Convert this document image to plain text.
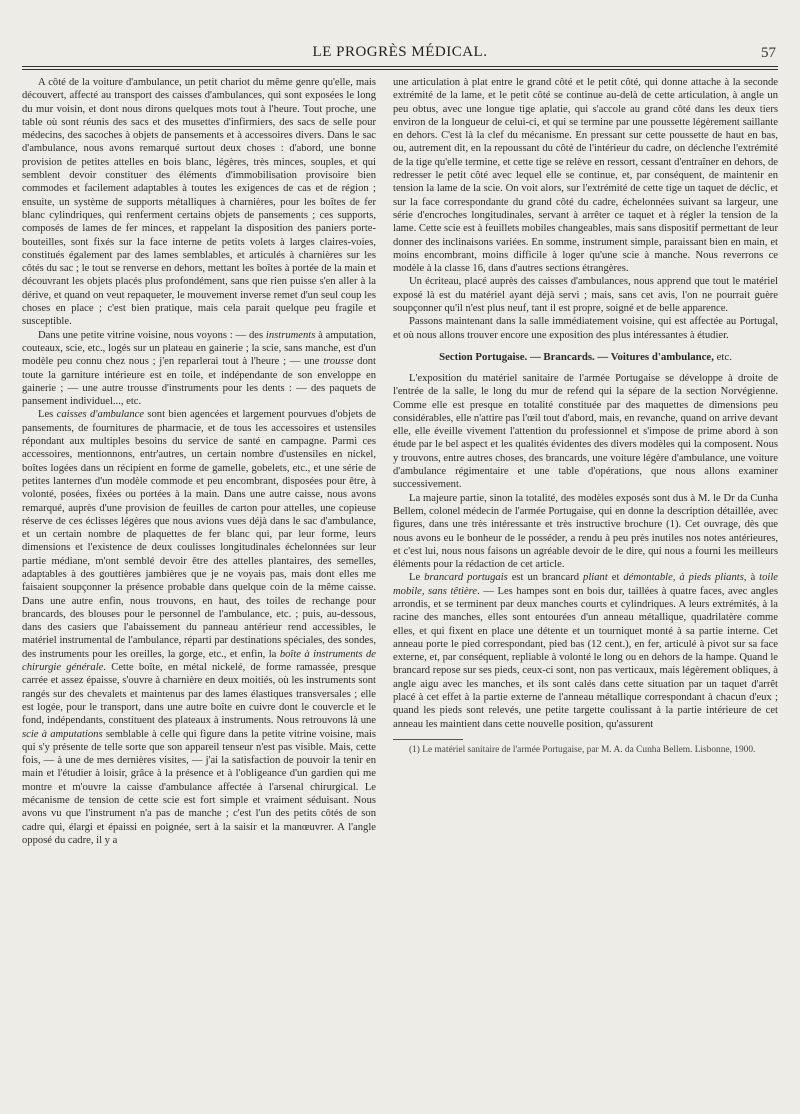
LE PROGRÈS MÉDICAL.	57

A côté de la voiture d'ambulance, un petit chariot du même genre qu'elle, mais découvert, affecté au transport des caisses d'ambulances, qui sont exposées le long du mur voisin, et dont nous dirons quelques mots tout à l'heure. Tout proche, une table où sont réunis des sacs et des musettes d'infirmiers, des sacs de selle pour médecins, des sacoches à objets de pansements et à accessoires divers. Dans le sac d'ambulance, nous avons remarqué surtout deux choses : d'abord, une bonne provision de petites attelles en bois blanc, légères, très minces, souples, et qui semblent devoir constituer des éléments d'immobilisation provisoire bien commodes et facilement adaptables à toutes les exigences de cas et de région ; ensuite, un système de supports métalliques à charnières, pour les boîtes de fer blanc cylindriques, qui renferment certains objets de pansements ; ces supports, composés de lames de fer minces, et rappelant la disposition des paniers porte-bouteilles, sont fixés sur la face interne de petits volets à larges claires-voies, constitués également par des lames semblables, et articulés à charnières sur les côtés du sac ; le tout se renverse en dehors, mettant les boîtes à portée de la main et découvrant les objets placés plus profondément, sans que rien puisse s'en aller à la dérive, et quand on veut repaqueter, le mouvement inverse remet d'un seul coup les choses en place ; c'est bien pratique, mais cela parait quelque peu fragile et susceptible.

Dans une petite vitrine voisine, nous voyons : — des instruments à amputation, couteaux, scie, etc., logés sur un plateau en gainerie ; la scie, sans manche, est d'un modèle peu connu chez nous ; j'en reparlerai tout à l'heure ; — une trousse dont toute la garniture intérieure est en toile, et indépendante de son enveloppe en gainerie ; — une autre trousse d'instruments pour les dents : — des paquets de pansement individuel..., etc.

Les caisses d'ambulance sont bien agencées et largement pourvues d'objets de pansements, de fournitures de pharmacie, et de tous les accessoires et ustensiles répondant aux multiples besoins du service de santé en campagne. Parmi ces accessoires, mentionnons, entr'autres, un certain nombre d'ustensiles en nickel, boîtes logées dans un récipient en forme de gamelle, gobelets, etc., et une série de petites lanternes d'un modèle commode et peu encombrant, disposées pour être, à volonté, posées, fixées ou portées à la main. Dans une autre caisse, nous avons remarqué, auprès d'une provision de feuilles de carton pour attelles, une copieuse réserve de ces éclisses légères que nous avions vues déjà dans le sac d'ambulance, et un certain nombre de plaquettes de fer blanc qui, par leur forme, leurs dimensions et l'existence de deux coulisses longitudinales échelonnées sur leur partie médiane, m'ont semblé devoir être des attelles plantaires, des semelles, adaptables à des gouttières jambières que je ne voyais pas, mais dont elles me faisaient soupçonner la présence probable dans quelque coin de la même caisse. Dans une autre enfin, nous trouvons, en haut, des toiles de rechange pour brancards, des blouses pour le personnel de l'ambulance, etc. ; puis, au-dessous, dans des casiers que l'abaissement du panneau antérieur rend accessibles, le matériel instrumental de l'ambulance, réparti par destinations spéciales, des sondes, des instruments pour les oreilles, la gorge, etc., et enfin, la boîte à instruments de chirurgie générale. Cette boîte, en métal nickelé, de forme ramassée, presque carrée et assez épaisse, s'ouvre à charnière en deux moitiés, où les instruments sont rangés sur des chevalets et maintenus par des lames élastiques transversales ; elle est logée, pour le transport, dans une autre boîte en cuivre dont le couvercle et le fond, indépendants, constituent des plateaux à instruments. Nous retrouvons là une scie à amputations semblable à celle qui figure dans la petite vitrine voisine, mais qui s'y présente de telle sorte que son appareil tenseur n'est pas visible. Mais, cette fois, — à une de mes dernières visites, — j'ai la satisfaction de pouvoir la tenir en main et l'étudier à loisir, grâce à la présence et à l'obligeance d'un gardien qui me montre et m'ouvre la caisse d'ambulance affectée à l'arsenal chirurgical. Le mécanisme de tension de cette scie est fort simple et vraiment séduisant. Nous avons vu que l'instrument n'a pas de manche ; c'est l'un des petits côtés de son cadre qui, élargi et épaissi en poignée, sert à la saisir et la manœuvrer. A l'angle opposé du cadre, il y a

une articulation à plat entre le grand côté et le petit côté, qui donne attache à la seconde extrémité de la lame, et le petit côté se continue au-delà de cette articulation, à angle un peu obtus, avec une longue tige aplatie, qui s'accole au grand côté dans les deux tiers environ de la longueur de celui-ci, et qui se termine par une poussette légèrement saillante en dehors. C'est là la clef du mécanisme. En pressant sur cette poussette de haut en bas, ou, autrement dit, en la repoussant du côté de l'intérieur du cadre, on déclenche l'extrémité de la tige qu'elle termine, et cette tige se relève en ressort, cessant d'entraîner en dehors, de redresser le petit côté avec lequel elle se continue, et, par conséquent, de maintenir en tension la lame de la scie. On voit alors, sur l'extrémité de cette tige un taquet de déclic, et sur la face correspondante du grand côté du cadre, échelonnées suivant sa largeur, une série d'encroches longitudinales, servant à arrêter ce taquet et à régler la tension de la lame. Cette scie est à feuillets mobiles changeables, mais sans dispositif permettant de leur donner des inclinaisons variées. En somme, instrument simple, paraissant bien en main, et moins encombrant, moins difficile à loger qu'une scie à manche. Nous reverrons ce modèle à la classe 16, dans d'autres sections étrangères.

Un écriteau, placé auprès des caisses d'ambulances, nous apprend que tout le matériel exposé là est du matériel ayant déjà servi ; mais, sans cet avis, l'on ne pourrait guère soupçonner qu'il n'est plus neuf, tant il est propre, soigné et de belle apparence.

Passons maintenant dans la salle immédiatement voisine, qui est affectée au Portugal, et où nous allons trouver encore une exposition des plus intéressantes à étudier.

Section Portugaise. — Brancards. — Voitures d'ambulance, etc.

L'exposition du matériel sanitaire de l'armée Portugaise se développe à droite de l'entrée de la salle, le long du mur de refend qui la sépare de la section Norvégienne. Comme elle est presque en totalité constituée par des maquettes de dimensions peu considérables, elle n'attire pas l'œil tout d'abord, mais, en revanche, quand on arrive devant elle, elle éveille vivement l'attention du professionnel et s'impose de prime abord à son étude par le bel aspect et les qualités évidentes des divers modèles qui la composent. Nous y trouvons, entre autres choses, des brancards, une voiture légère d'ambulance, une voiture d'ambulance régimentaire et une table d'opérations, que nous allons examiner successivement.

La majeure partie, sinon la totalité, des modèles exposés sont dus à M. le Dr da Cunha Bellem, colonel médecin de l'armée Portugaise, qui en donne la description détaillée, avec figures, dans une très intéressante et très instructive brochure (1). Cet ouvrage, dès que nous avons eu le bonheur de le posséder, a rendu à peu près inutiles nos notes antérieures, et c'est lui, nous nous faisons un agréable devoir de le dire, qui nous a fourni les meilleurs éléments pour la rédaction de cet article.

Le brancard portugais est un brancard pliant et démontable, à pieds pliants, à toile mobile, sans têtière. — Les hampes sont en bois dur, taillées à quatre faces, avec angles arrondis, et se terminent par deux manches courts et cylindriques. A leurs extrémités, à la racine des manches, elles sont entourées d'un anneau métallique, quadrilatère comme elles, et qui fixent en place une détente et un tourniquet monté à sa partie interne. Cet anneau porte le pied correspondant, pied bas (12 cent.), en fer, articulé à pivot sur sa face externe, et, par conséquent, repliable à volonté le long ou en dehors de la hampe. Quand le brancard repose sur ses pieds, ceux-ci sont, non pas verticaux, mais légèrement obliques, à angle aigu avec les manches, et ils sont calés dans cette situation par un taquet d'arrêt placé à cet effet à la partie externe de l'anneau métallique correspondant à chacun d'eux ; quand les pieds sont relevés, une petite targette coulissant à la partie intérieure de cet anneau les maintient dans cette nouvelle position, qu'assurent

(1) Le matériel sanitaire de l'armée Portugaise, par M. A. da Cunha Bellem. Lisbonne, 1900.
